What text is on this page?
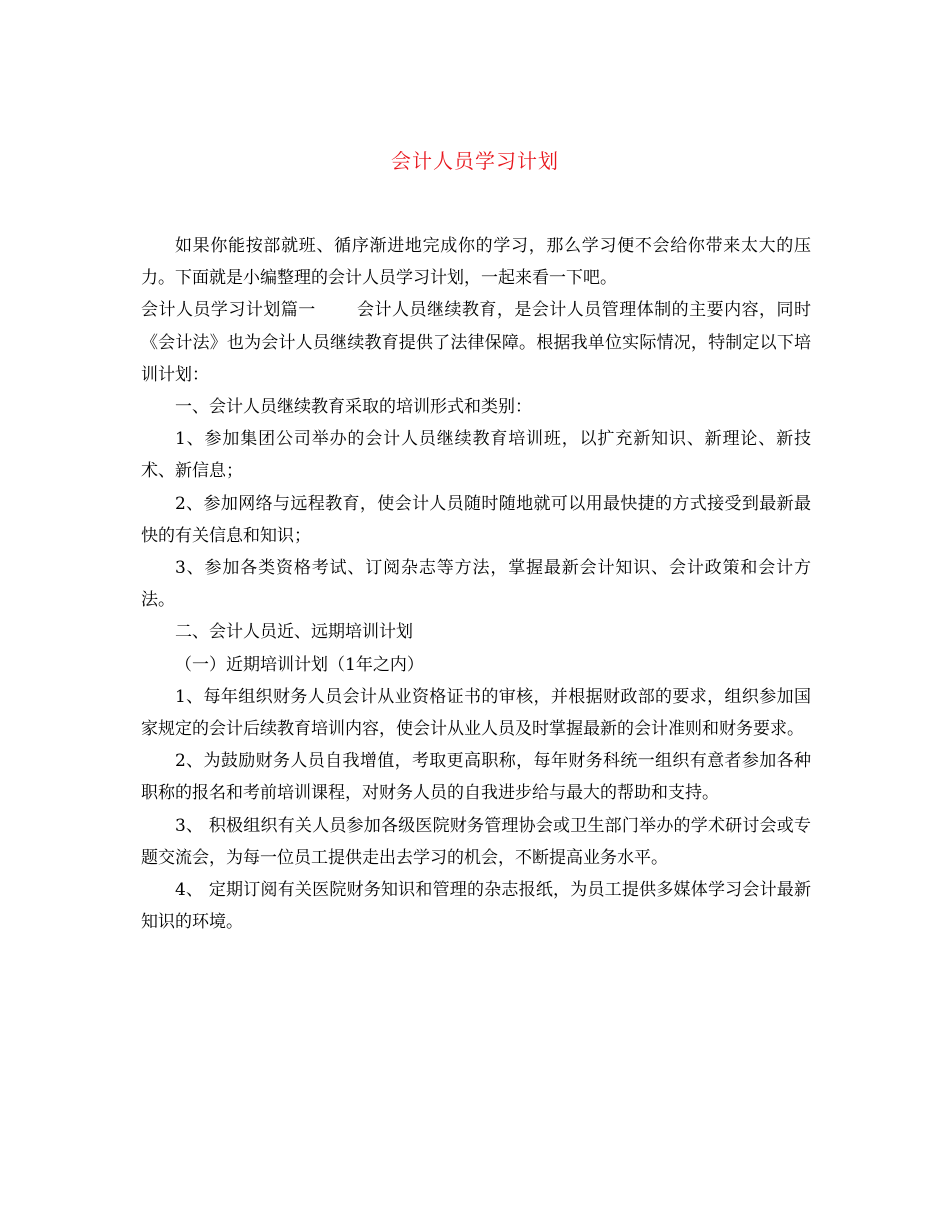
会计人员学习计划

如果你能按部就班、循序渐进地完成你的学习，那么学习便不会给你带来太大的压力。下面就是小编整理的会计人员学习计划，一起来看一下吧。

会计人员学习计划篇一 会计人员继续教育，是会计人员管理体制的主要内容，同时《会计法》也为会计人员继续教育提供了法律保障。根据我单位实际情况，特制定以下培训计划：

一、会计人员继续教育采取的培训形式和类别：

1、参加集团公司举办的会计人员继续教育培训班，以扩充新知识、新理论、新技术、新信息；

2、参加网络与远程教育，使会计人员随时随地就可以用最快捷的方式接受到最新最快的有关信息和知识；

3、参加各类资格考试、订阅杂志等方法，掌握最新会计知识、会计政策和会计方法。

二、会计人员近、远期培训计划

（一）近期培训计划（1年之内）

1、每年组织财务人员会计从业资格证书的审核，并根据财政部的要求，组织参加国家规定的会计后续教育培训内容，使会计从业人员及时掌握最新的会计准则和财务要求。

2、为鼓励财务人员自我增值，考取更高职称，每年财务科统一组织有意者参加各种职称的报名和考前培训课程，对财务人员的自我进步给与最大的帮助和支持。

3、 积极组织有关人员参加各级医院财务管理协会或卫生部门举办的学术研讨会或专题交流会，为每一位员工提供走出去学习的机会，不断提高业务水平。

4、 定期订阅有关医院财务知识和管理的杂志报纸，为员工提供多媒体学习会计最新知识的环境。
